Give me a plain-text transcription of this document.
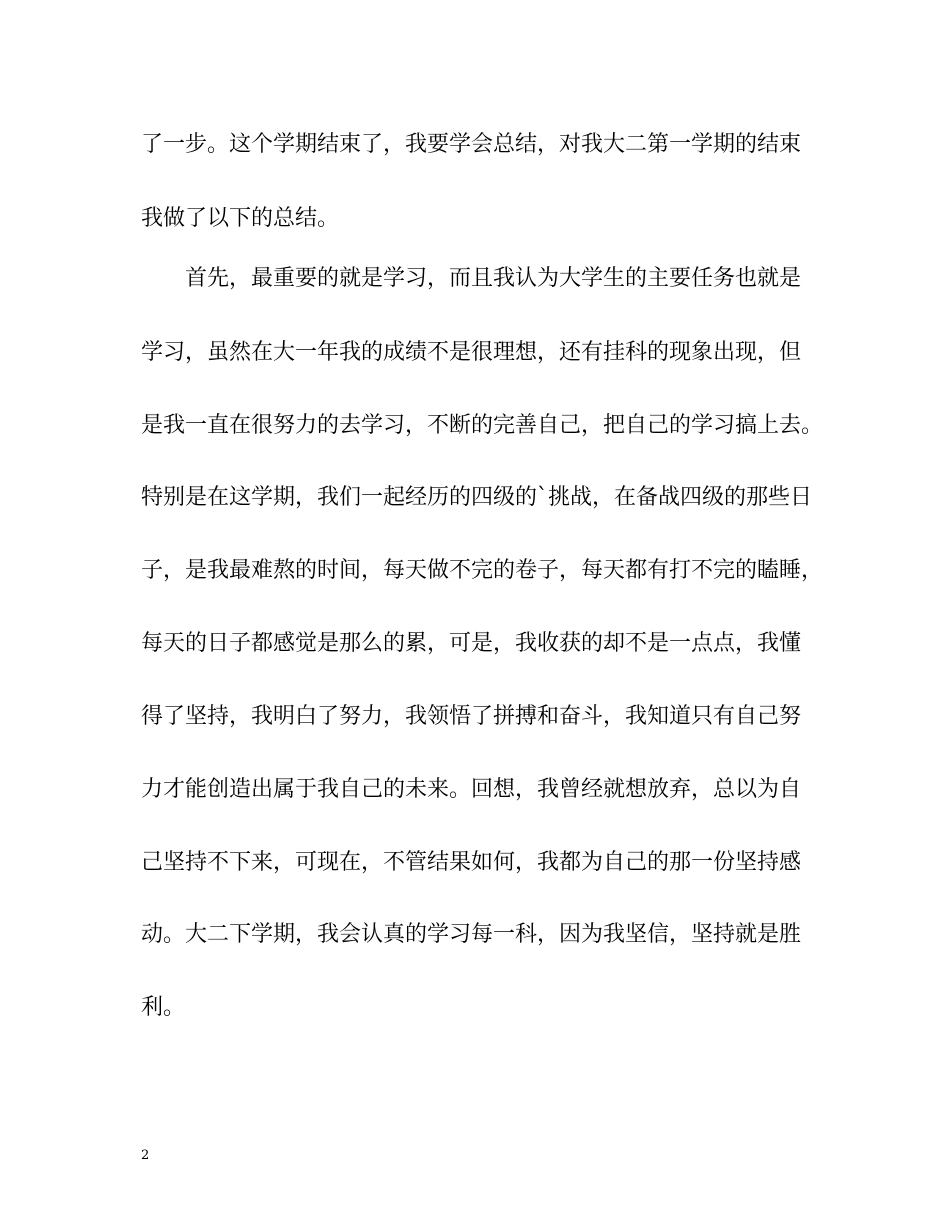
了一步。这个学期结束了，我要学会总结，对我大二第一学期的结束
我做了以下的总结。
首先，最重要的就是学习，而且我认为大学生的主要任务也就是
学习，虽然在大一年我的成绩不是很理想，还有挂科的现象出现，但
是我一直在很努力的去学习，不断的完善自己，把自己的学习搞上去。
特别是在这学期，我们一起经历的四级的`挑战，在备战四级的那些日
子，是我最难熬的时间，每天做不完的卷子，每天都有打不完的瞌睡，
每天的日子都感觉是那么的累，可是，我收获的却不是一点点，我懂
得了坚持，我明白了努力，我领悟了拼搏和奋斗，我知道只有自己努
力才能创造出属于我自己的未来。回想，我曾经就想放弃，总以为自
己坚持不下来，可现在，不管结果如何，我都为自己的那一份坚持感
动。大二下学期，我会认真的学习每一科，因为我坚信，坚持就是胜
利。
2
